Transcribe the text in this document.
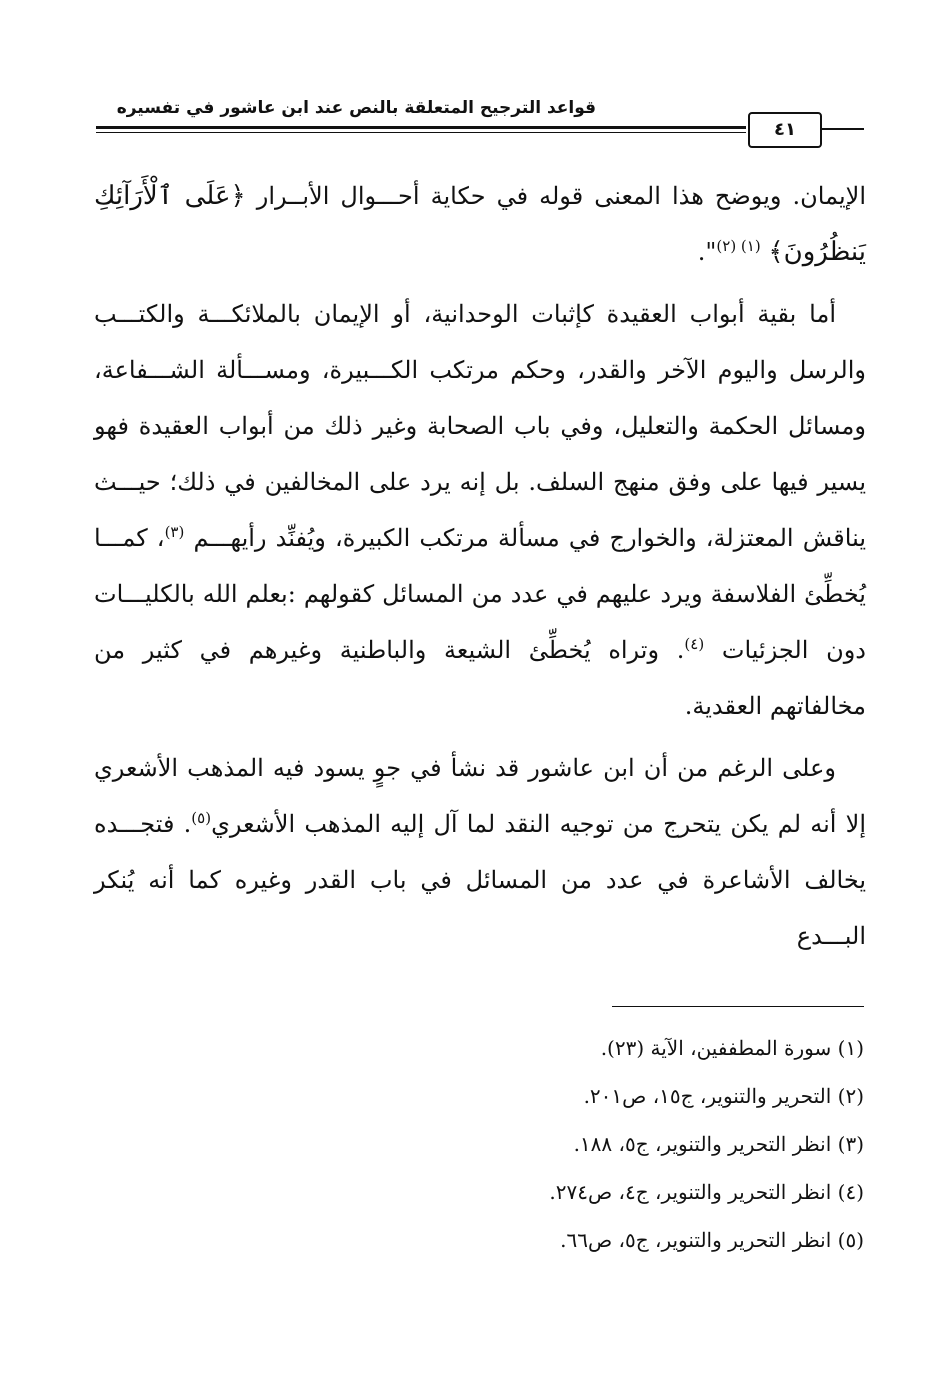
قواعد الترجيح المتعلقة بالنص عند ابن عاشور في تفسيره
٤١

الإيمان. ويوضح هذا المعنى قوله في حكاية أحـــوال الأبــرار ﴿عَلَى ٱلْأَرَآئِكِ يَنظُرُونَ﴾ $^{(١) (٢)}$".

أما بقية أبواب العقيدة كإثبات الوحدانية، أو الإيمان بالملائكـــة والكتـــب والرسل واليوم الآخر والقدر، وحكم مرتكب الكـــبيرة، ومســـألة الشـــفاعة، ومسائل الحكمة والتعليل، وفي باب الصحابة وغير ذلك من أبواب العقيدة فهو يسير فيها على وفق منهج السلف. بل إنه يرد على المخالفين في ذلك؛ حيـــث يناقش المعتزلة، والخوارج في مسألة مرتكب الكبيرة، ويُفنِّد رأيهـــم $^{(٣)}$، كمـــا يُخطِّئ الفلاسفة ويرد عليهم في عدد من المسائل كقولهم :بعلم الله بالكليـــات دون الجزئيات $^{(٤)}$. وتراه يُخطِّئ الشيعة والباطنية وغيرهم في كثير من مخالفاتهم العقدية.

وعلى الرغم من أن ابن عاشور قد نشأ في جوٍ يسود فيه المذهب الأشعري إلا أنه لم يكن يتحرج من توجيه النقد لما آل إليه المذهب الأشعري$^{(٥)}$. فتجـــده يخالف الأشاعرة في عدد من المسائل في باب القدر وغيره كما أنه يُنكر البـــدع

(١) سورة المطففين، الآية (٢٣).
(٢) التحرير والتنوير، ج١٥، ص٢٠١.
(٣) انظر التحرير والتنوير، ج٥، ١٨٨.
(٤) انظر التحرير والتنوير، ج٤، ص٢٧٤.
(٥) انظر التحرير والتنوير، ج٥، ص٦٦.
